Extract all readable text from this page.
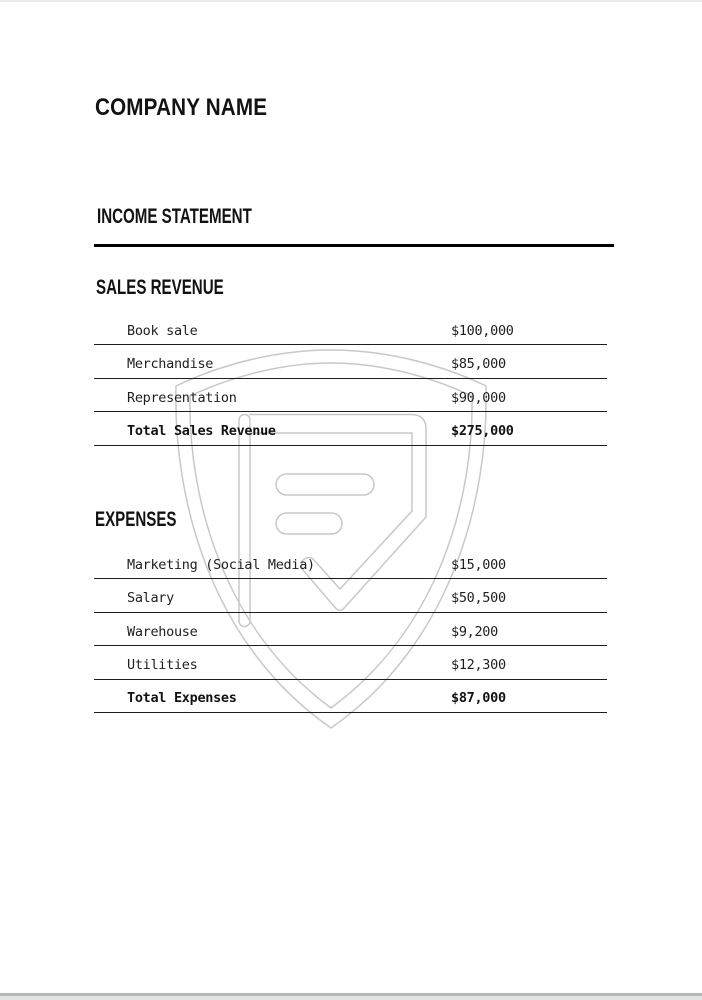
COMPANY NAME
INCOME STATEMENT
SALES REVENUE
Book sale	$100,000
Merchandise	$85,000
Representation	$90,000
Total Sales Revenue	$275,000
EXPENSES
Marketing (Social Media)	$15,000
Salary	$50,500
Warehouse	$9,200
Utilities	$12,300
Total Expenses	$87,000
